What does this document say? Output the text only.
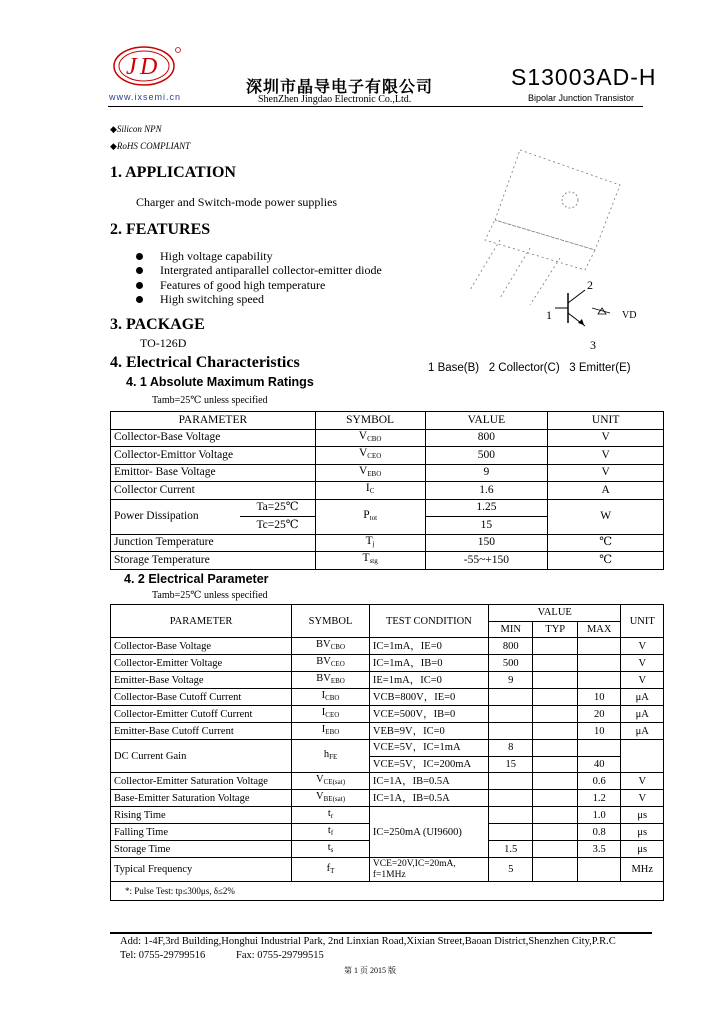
J D
www.ixsemi.cn
深圳市晶导电子有限公司
ShenZhen Jingdao Electronic Co.,Ltd.
S13003AD-H
Bipolar Junction Transistor
◆Silicon NPN
◆RoHS COMPLIANT
1. APPLICATION
Charger and Switch-mode power supplies
2. FEATURES
High voltage capability
Intergrated antiparallel collector-emitter diode
Features of good high temperature
High switching speed
3. PACKAGE
TO-126D
4. Electrical Characteristics
2
1	VD
3
1 Base(B)   2 Collector(C)   3 Emitter(E)
4. 1 Absolute Maximum Ratings
Tamb=25℃ unless specified
PARAMETER		SYMBOL	VALUE	UNIT
Collector-Base Voltage		$V_{CBO}$	800	V
Collector-Emittor Voltage		$V_{CEO}$	500	V
Emittor- Base Voltage		$V_{EBO}$	9	V
Collector Current		$I_C$	1.6	A
Power Dissipation	Ta=25℃	$P_{tot}$	1.25	W
	Tc=25℃		15	
Junction Temperature		$T_j$	150	℃
Storage Temperature		$T_{stg}$	-55~+150	℃
4. 2 Electrical Parameter
Tamb=25℃ unless specified
PARAMETER	SYMBOL	TEST CONDITION	VALUE			UNIT
			MIN	TYP	MAX	
Collector-Base Voltage	$BV_{CBO}$	IC=1mA，IE=0	800			V
Collector-Emitter Voltage	$BV_{CEO}$	IC=1mA，IB=0	500			V
Emitter-Base Voltage	$BV_{EBO}$	IE=1mA，IC=0	9			V
Collector-Base Cutoff Current	$I_{CBO}$	VCB=800V，IE=0			10	μA
Collector-Emitter Cutoff Current	$I_{CEO}$	VCE=500V，IB=0			20	μA
Emitter-Base Cutoff Current	$I_{EBO}$	VEB=9V，IC=0			10	μA
DC Current Gain	$h_{FE}$	VCE=5V，IC=1mA	8			
		VCE=5V，IC=200mA	15		40	
Collector-Emitter Saturation Voltage	$V_{CE(sat)}$	IC=1A，IB=0.5A			0.6	V
Base-Emitter Saturation Voltage	$V_{BE(sat)}$	IC=1A，IB=0.5A			1.2	V
Rising Time	$t_r$	IC=250mA (UI9600)			1.0	μs
Falling Time	$t_f$				0.8	μs
Storage Time	$t_s$		1.5		3.5	μs
Typical Frequency	$f_T$	VCE=20V,IC=20mA, f=1MHz	5			MHz
*: Pulse Test: tp≤300μs, δ≤2%						
Add: 1-4F,3rd Building,Honghui Industrial Park, 2nd Linxian Road,Xixian Street,Baoan District,Shenzhen City,P.R.C
Tel: 0755-29799516	Fax: 0755-29799515
第 1 页 2015 版
